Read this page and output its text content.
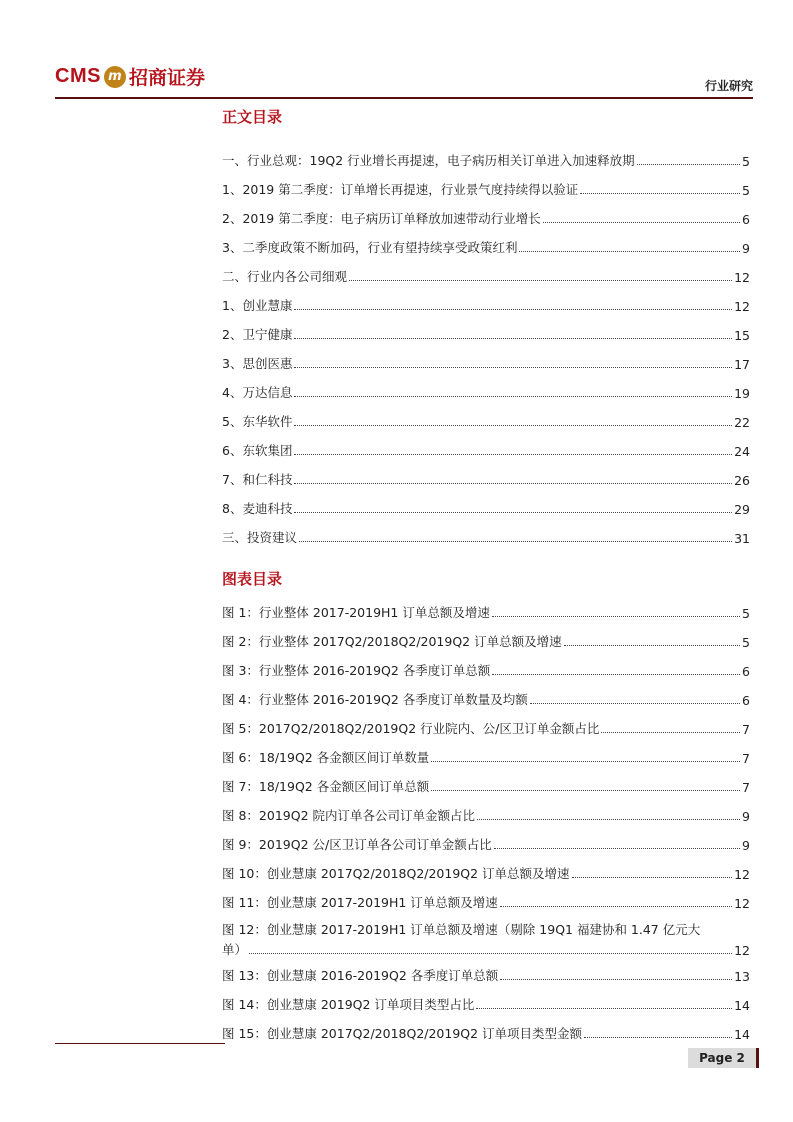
CMS m 招商证券	行业研究
正文目录
一、行业总观：19Q2 行业增长再提速，电子病历相关订单进入加速释放期	5
1、2019 第二季度：订单增长再提速，行业景气度持续得以验证	5
2、2019 第二季度：电子病历订单释放加速带动行业增长	6
3、二季度政策不断加码，行业有望持续享受政策红利	9
二、行业内各公司细观	12
1、创业慧康	12
2、卫宁健康	15
3、思创医惠	17
4、万达信息	19
5、东华软件	22
6、东软集团	24
7、和仁科技	26
8、麦迪科技	29
三、投资建议	31
图表目录
图 1：行业整体 2017-2019H1 订单总额及增速	5
图 2：行业整体 2017Q2/2018Q2/2019Q2 订单总额及增速	5
图 3：行业整体 2016-2019Q2 各季度订单总额	6
图 4：行业整体 2016-2019Q2 各季度订单数量及均额	6
图 5：2017Q2/2018Q2/2019Q2 行业院内、公/区卫订单金额占比	7
图 6：18/19Q2 各金额区间订单数量	7
图 7：18/19Q2 各金额区间订单总额	7
图 8：2019Q2 院内订单各公司订单金额占比	9
图 9：2019Q2 公/区卫订单各公司订单金额占比	9
图 10：创业慧康 2017Q2/2018Q2/2019Q2 订单总额及增速	12
图 11：创业慧康 2017-2019H1 订单总额及增速	12
图 12：创业慧康 2017-2019H1 订单总额及增速（剔除 19Q1 福建协和 1.47 亿元大
单）	12
图 13：创业慧康 2016-2019Q2 各季度订单总额	13
图 14：创业慧康 2019Q2 订单项目类型占比	14
图 15：创业慧康 2017Q2/2018Q2/2019Q2 订单项目类型金额	14
Page 2
